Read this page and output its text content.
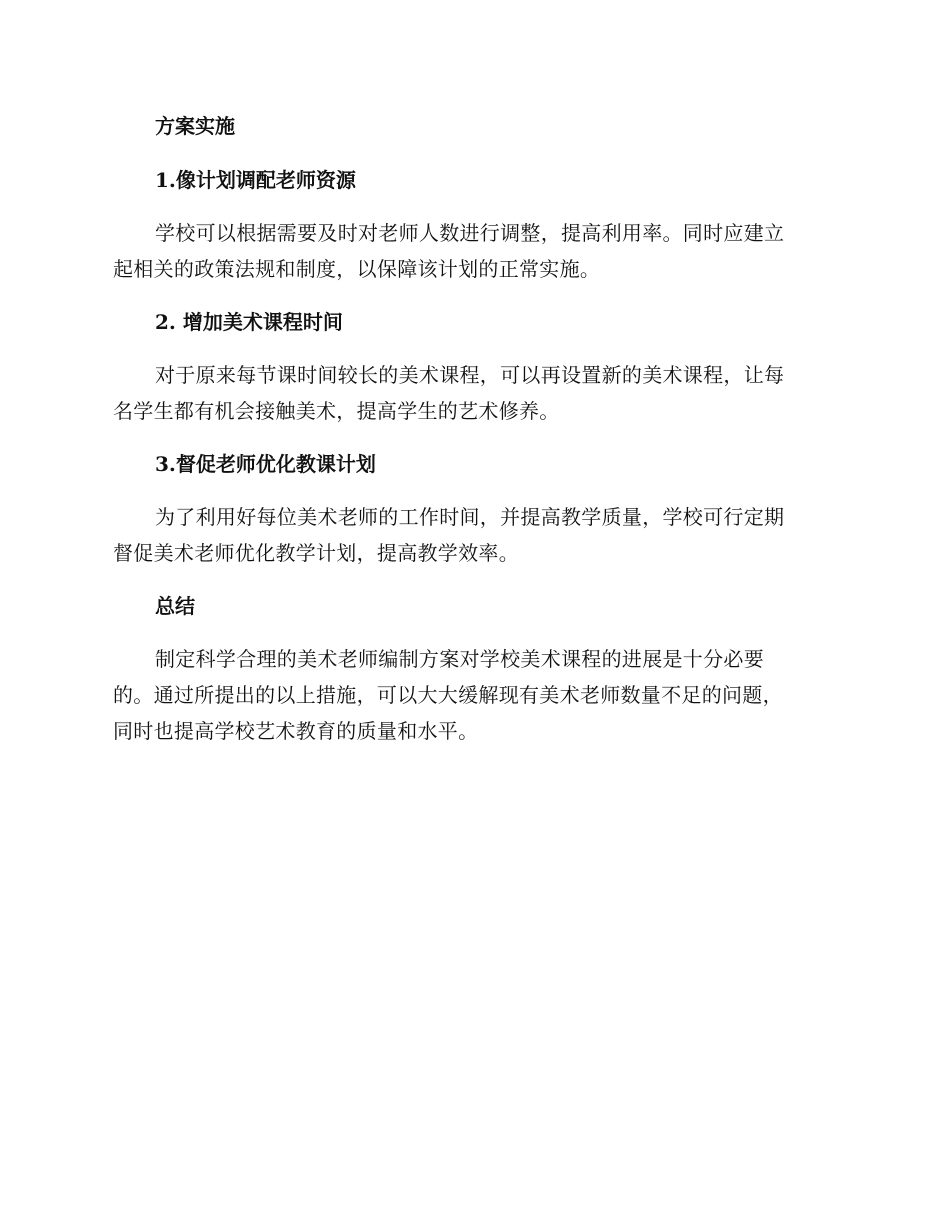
方案实施
1.像计划调配老师资源

学校可以根据需要及时对老师人数进行调整，提高利用率。同时应建立
起相关的政策法规和制度，以保障该计划的正常实施。

2. 增加美术课程时间

对于原来每节课时间较长的美术课程，可以再设置新的美术课程，让每
名学生都有机会接触美术，提高学生的艺术修养。

3.督促老师优化教课计划

为了利用好每位美术老师的工作时间，并提高教学质量，学校可行定期
督促美术老师优化教学计划，提高教学效率。

总结

制定科学合理的美术老师编制方案对学校美术课程的进展是十分必要
的。通过所提出的以上措施，可以大大缓解现有美术老师数量不足的问题，
同时也提高学校艺术教育的质量和水平。
